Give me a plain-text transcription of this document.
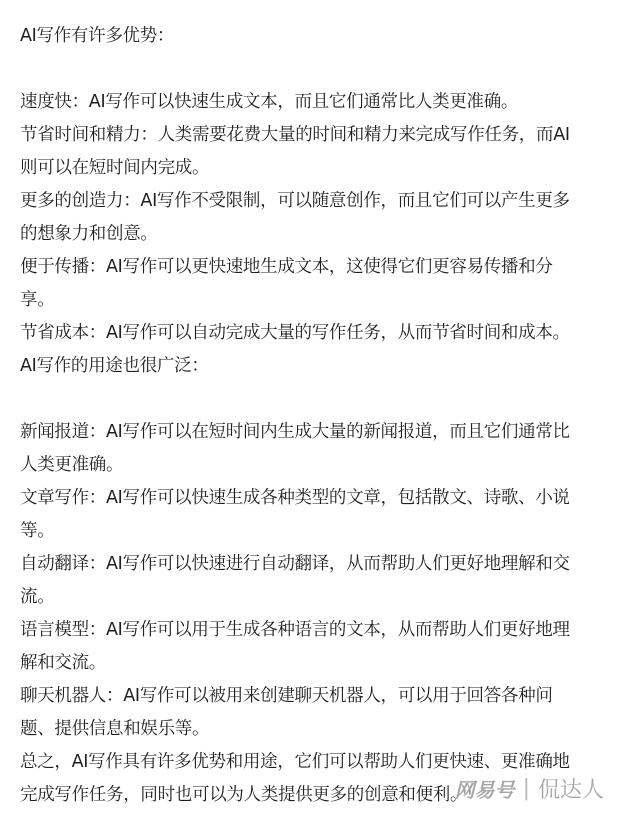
AI写作有许多优势：
速度快：AI写作可以快速生成文本，而且它们通常比人类更准确。
节省时间和精力：人类需要花费大量的时间和精力来完成写作任务，而AI
则可以在短时间内完成。
更多的创造力：AI写作不受限制，可以随意创作，而且它们可以产生更多
的想象力和创意。
便于传播：AI写作可以更快速地生成文本，这使得它们更容易传播和分
享。
节省成本：AI写作可以自动完成大量的写作任务，从而节省时间和成本。
AI写作的用途也很广泛：
新闻报道：AI写作可以在短时间内生成大量的新闻报道，而且它们通常比
人类更准确。
文章写作：AI写作可以快速生成各种类型的文章，包括散文、诗歌、小说
等。
自动翻译：AI写作可以快速进行自动翻译，从而帮助人们更好地理解和交
流。
语言模型：AI写作可以用于生成各种语言的文本，从而帮助人们更好地理
解和交流。
聊天机器人：AI写作可以被用来创建聊天机器人，可以用于回答各种问
题、提供信息和娱乐等。
总之，AI写作具有许多优势和用途，它们可以帮助人们更快速、更准确地
完成写作任务，同时也可以为人类提供更多的创意和便利。
网易号 | 侃达人
